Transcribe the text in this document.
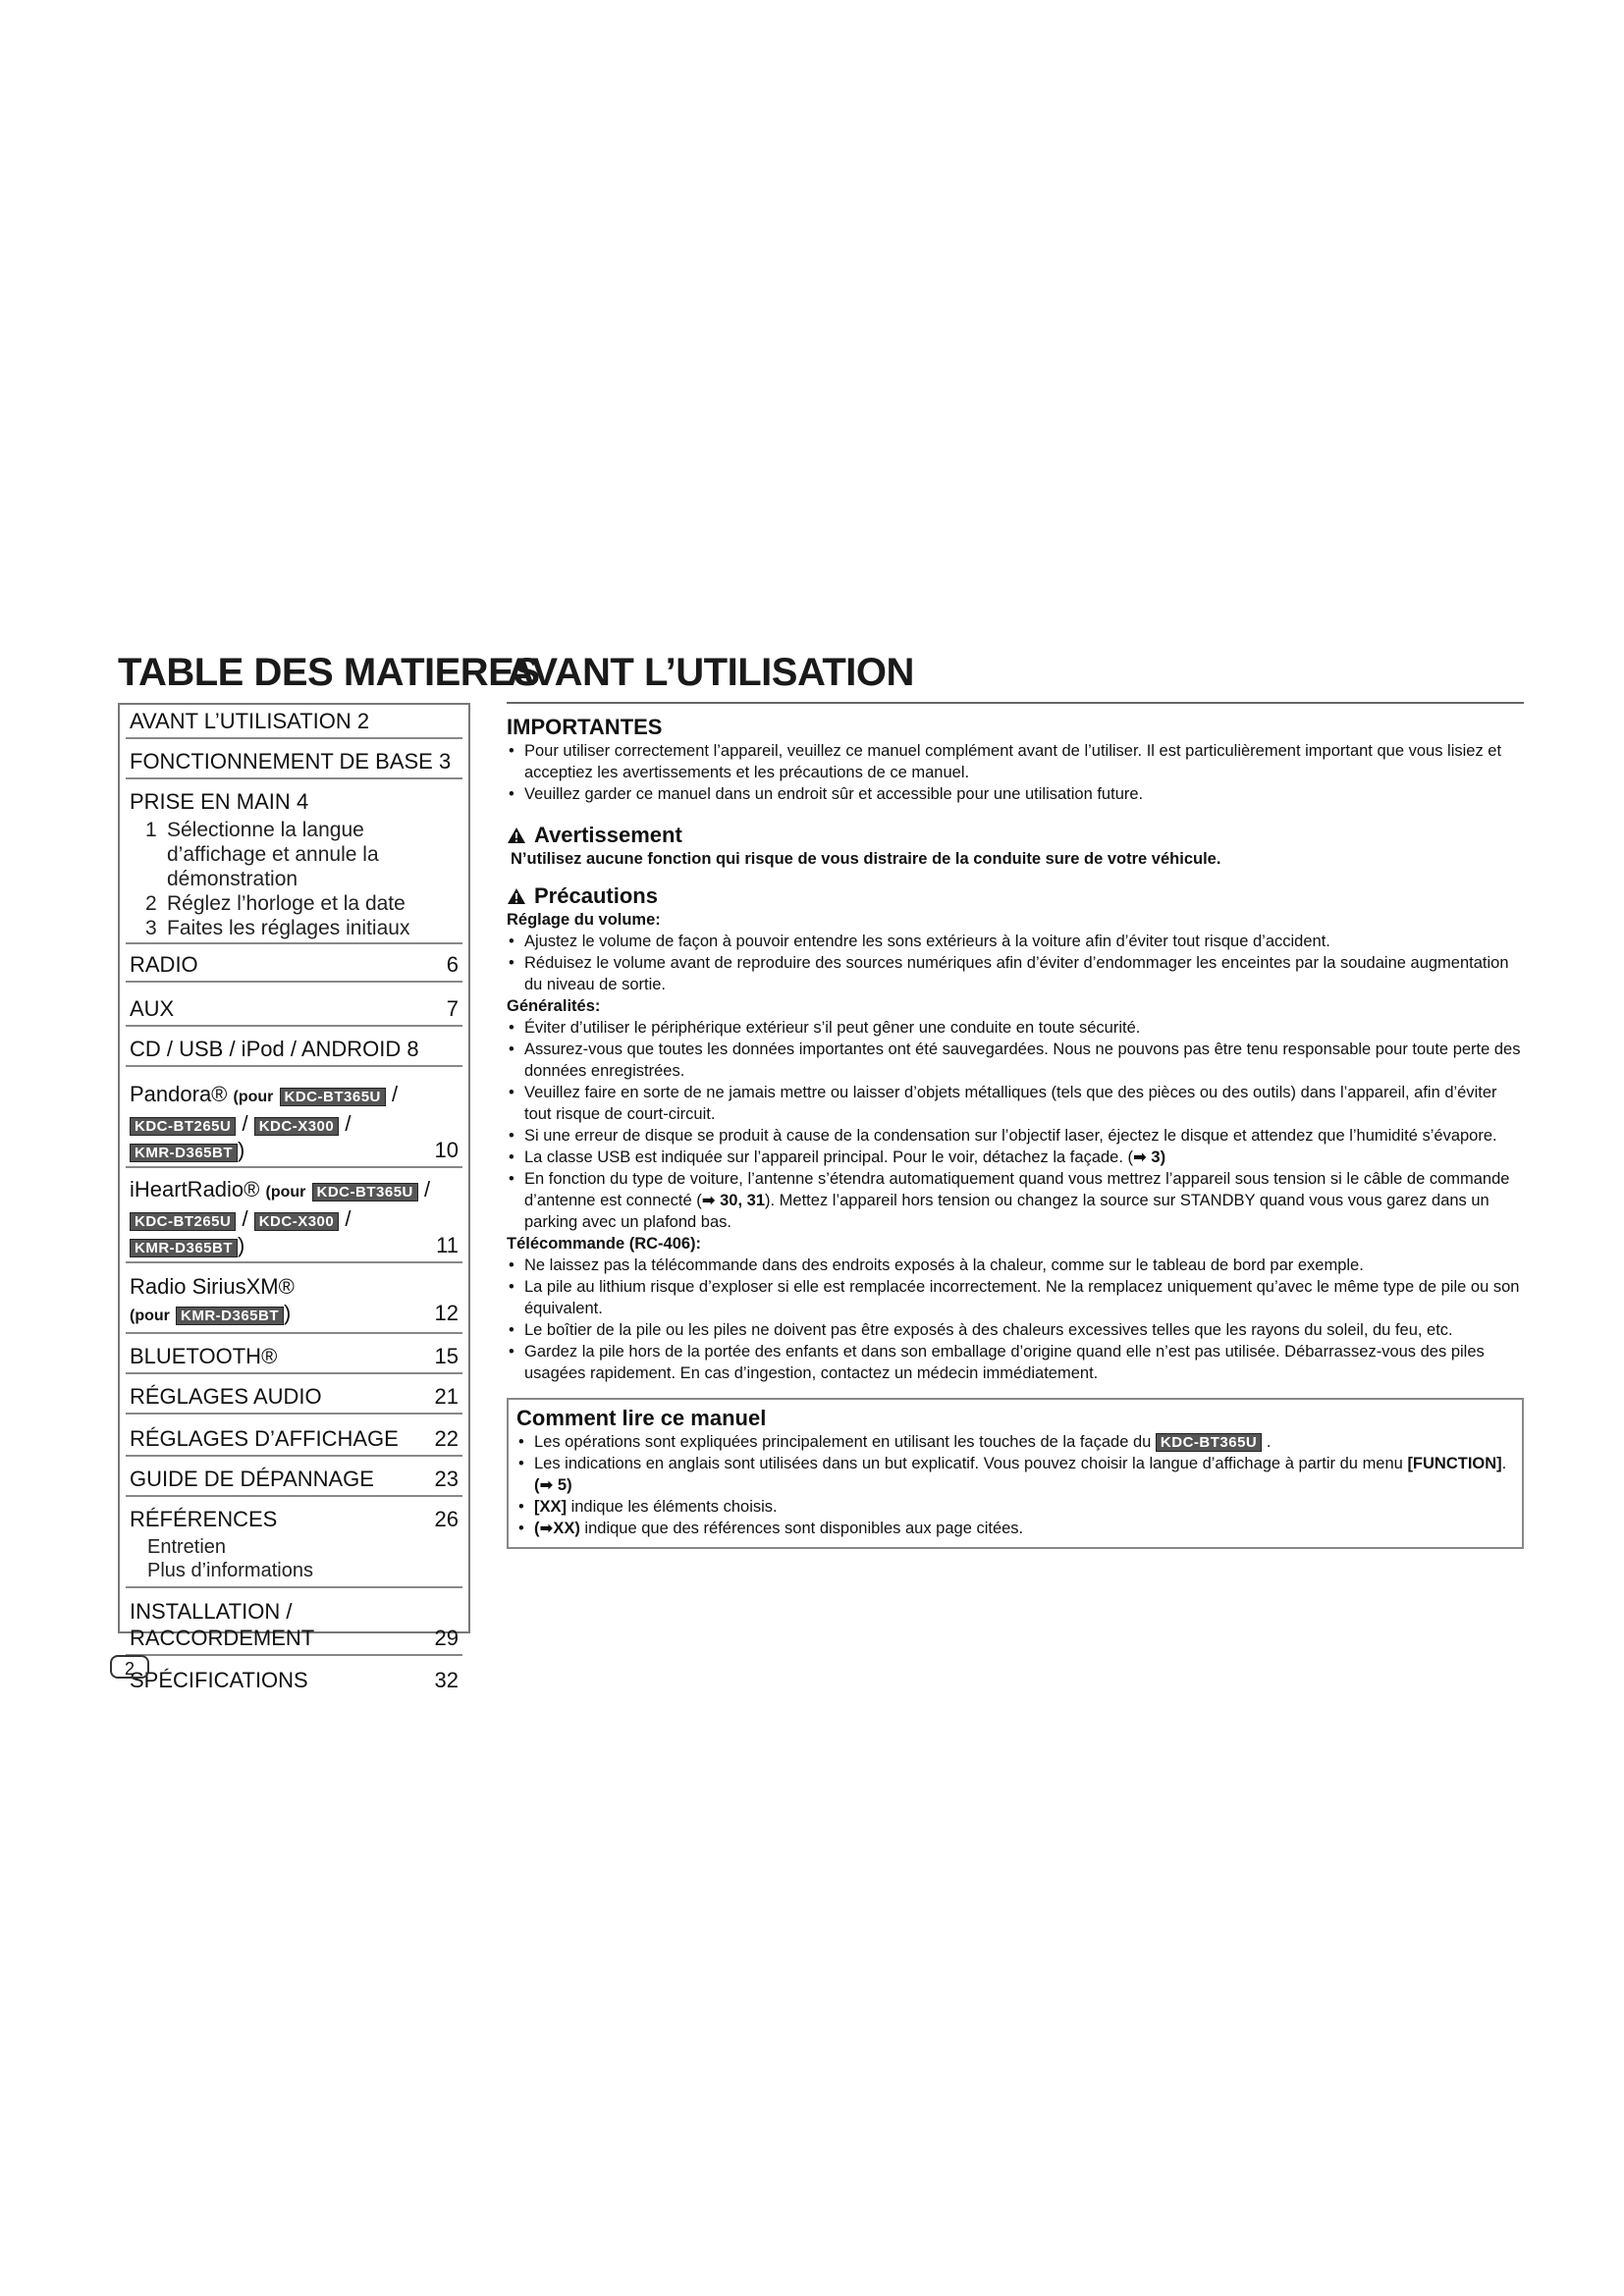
TABLE DES MATIERES
AVANT L’UTILISATION
AVANT L’UTILISATION 2
FONCTIONNEMENT DE BASE 3
PRISE EN MAIN 4
1 Sélectionne la langue d’affichage et annule la démonstration
2 Réglez l’horloge et la date
3 Faites les réglages initiaux
RADIO	6
AUX	7
CD / USB / iPod / ANDROID 8
Pandora® (pour KDC-BT365U /
KDC-BT265U / KDC-X300 /
KMR-D365BT )	10
iHeartRadio® (pour KDC-BT365U /
KDC-BT265U / KDC-X300 /
KMR-D365BT )	11
Radio SiriusXM®
(pour KMR-D365BT )	12
BLUETOOTH®	15
RÉGLAGES AUDIO	21
RÉGLAGES D’AFFICHAGE 22
GUIDE DE DÉPANNAGE	23
RÉFÉRENCES	26
Entretien
Plus d’informations
INSTALLATION /
RACCORDEMENT	29
SPÉCIFICATIONS	32
IMPORTANTES
• Pour utiliser correctement l’appareil, veuillez ce manuel complément avant de l’utiliser. Il est particulièrement important que vous lisiez et acceptiez les avertissements et les précautions de ce manuel.
• Veuillez garder ce manuel dans un endroit sûr et accessible pour une utilisation future.
Avertissement
N’utilisez aucune fonction qui risque de vous distraire de la conduite sure de votre véhicule.
Précautions
Réglage du volume:
• Ajustez le volume de façon à pouvoir entendre les sons extérieurs à la voiture afin d’éviter tout risque d’accident.
• Réduisez le volume avant de reproduire des sources numériques afin d’éviter d’endommager les enceintes par la soudaine augmentation du niveau de sortie.
Généralités:
• Éviter d’utiliser le périphérique extérieur s’il peut gêner une conduite en toute sécurité.
• Assurez-vous que toutes les données importantes ont été sauvegardées. Nous ne pouvons pas être tenu responsable pour toute perte des données enregistrées.
• Veuillez faire en sorte de ne jamais mettre ou laisser d’objets métalliques (tels que des pièces ou des outils) dans l’appareil, afin d’éviter tout risque de court-circuit.
• Si une erreur de disque se produit à cause de la condensation sur l’objectif laser, éjectez le disque et attendez que l’humidité s’évapore.
• La classe USB est indiquée sur l’appareil principal. Pour le voir, détachez la façade. (➡ 3)
• En fonction du type de voiture, l’antenne s’étendra automatiquement quand vous mettrez l’appareil sous tension si le câble de commande d’antenne est connecté (➡ 30, 31). Mettez l’appareil hors tension ou changez la source sur STANDBY quand vous vous garez dans un parking avec un plafond bas.
Télécommande (RC-406):
• Ne laissez pas la télécommande dans des endroits exposés à la chaleur, comme sur le tableau de bord par exemple.
• La pile au lithium risque d’exploser si elle est remplacée incorrectement. Ne la remplacez uniquement qu’avec le même type de pile ou son équivalent.
• Le boîtier de la pile ou les piles ne doivent pas être exposés à des chaleurs excessives telles que les rayons du soleil, du feu, etc.
• Gardez la pile hors de la portée des enfants et dans son emballage d’origine quand elle n’est pas utilisée. Débarrassez-vous des piles usagées rapidement. En cas d’ingestion, contactez un médecin immédiatement.
Comment lire ce manuel
• Les opérations sont expliquées principalement en utilisant les touches de la façade du KDC-BT365U .
• Les indications en anglais sont utilisées dans un but explicatif. Vous pouvez choisir la langue d’affichage à partir du menu [FUNCTION]. (➡ 5)
• [XX] indique les éléments choisis.
• (➡XX) indique que des références sont disponibles aux page citées.
2
